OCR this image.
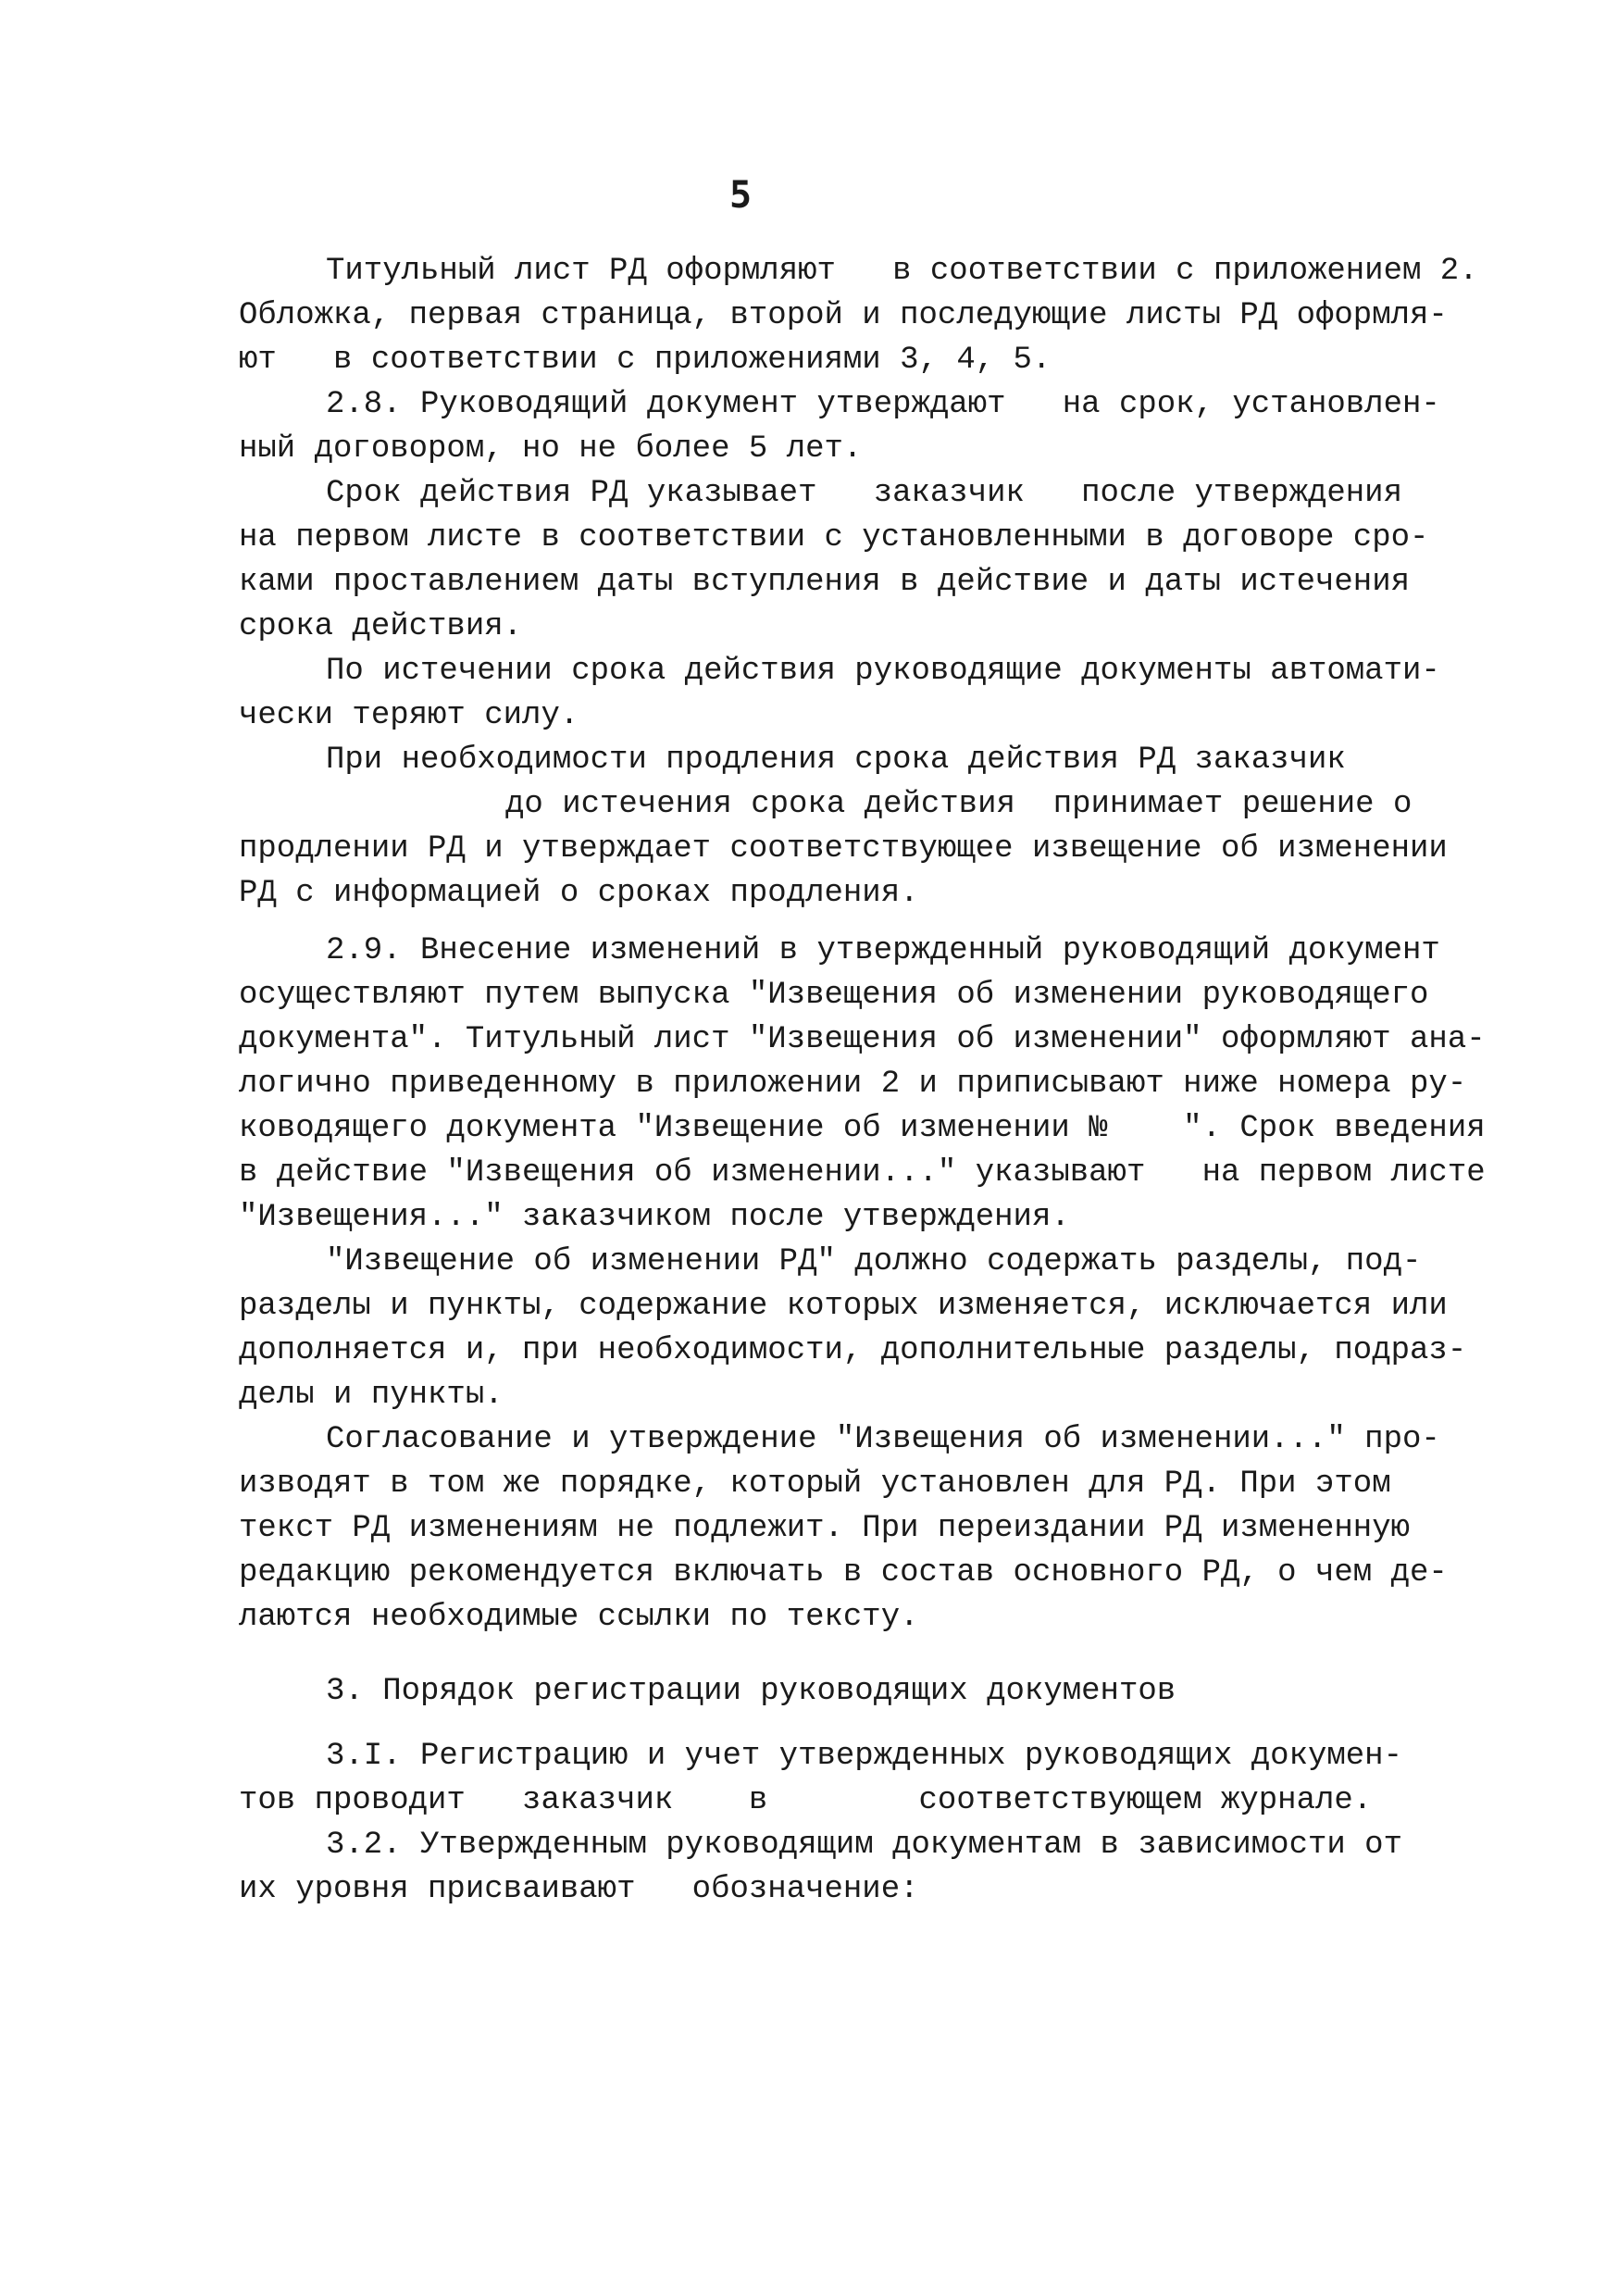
5
Титульный лист РД оформляют   в соответствии с приложением 2.
Обложка, первая страница, второй и последующие листы РД оформля-
ют   в соответствии с приложениями 3, 4, 5.
2.8. Руководящий документ утверждают   на срок, установлен-
ный договором, но не более 5 лет.
Срок действия РД указывает   заказчик   после утверждения
на первом листе в соответствии с установленными в договоре сро-
ками проставлением даты вступления в действие и даты истечения
срока действия.
По истечении срока действия руководящие документы автомати-
чески теряют силу.
При необходимости продления срока действия РД заказчик
до истечения срока действия  принимает решение о
продлении РД и утверждает соответствующее извещение об изменении
РД с информацией о сроках продления.
2.9. Внесение изменений в утвержденный руководящий документ
осуществляют путем выпуска "Извещения об изменении руководящего
документа". Титульный лист "Извещения об изменении" оформляют ана-
логично приведенному в приложении 2 и приписывают ниже номера ру-
ководящего документа "Извещение об изменении №    ". Срок введения
в действие "Извещения об изменении..." указывают   на первом листе
"Извещения..." заказчиком после утверждения.
"Извещение об изменении РД" должно содержать разделы, под-
разделы и пункты, содержание которых изменяется, исключается или
дополняется и, при необходимости, дополнительные разделы, подраз-
делы и пункты.
Согласование и утверждение "Извещения об изменении..." про-
изводят в том же порядке, который установлен для РД. При этом
текст РД изменениям не подлежит. При переиздании РД измененную
редакцию рекомендуется включать в состав основного РД, о чем де-
лаются необходимые ссылки по тексту.
3. Порядок регистрации руководящих документов
3.I. Регистрацию и учет утвержденных руководящих докумен-
тов проводит   заказчик    в        соответствующем журнале.
3.2. Утвержденным руководящим документам в зависимости от
их уровня присваивают   обозначение:
